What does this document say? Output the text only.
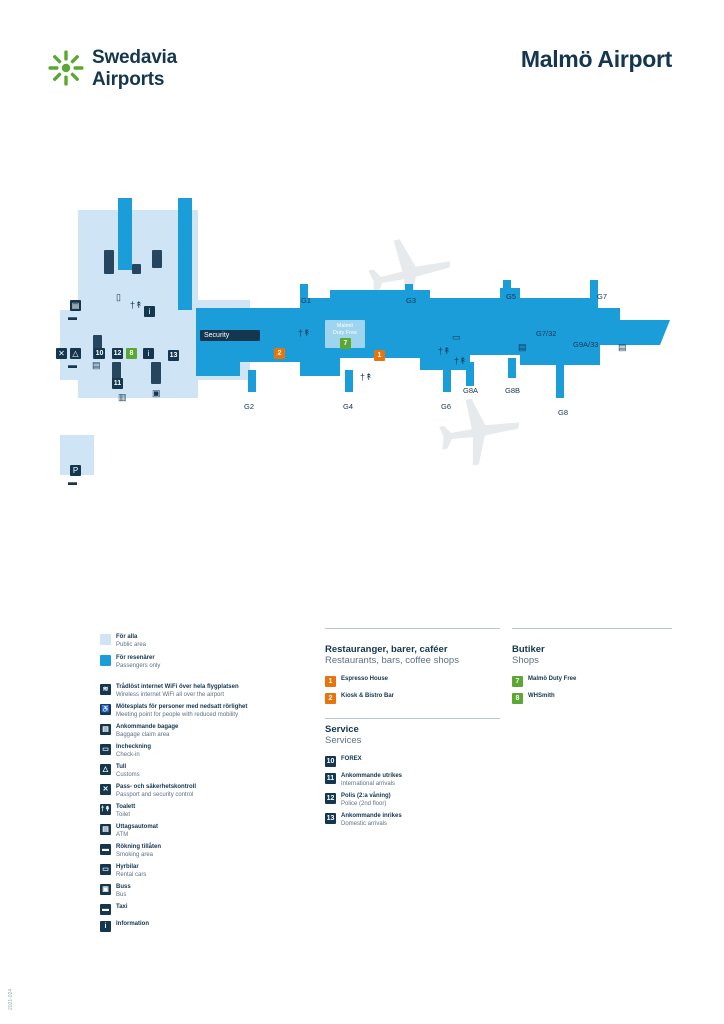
Swedavia
Airports
Malmö Airport
Security
Malmö
Duty Free
7
2	1
8
10
11
12	13
i
i
✕ △
▤
P
▬
▬
▬
▤
†↟
†↟
†↟
†↟
▤	▤
▭
▥	▣
▯
†↟	G1	G3	G5	G7
G7/32
G9A/33
G2	G4	G6
G8A	G8B
G8
För alla
Public area
För resenärer
Passengers only
≋	Trådlöst internet WiFi över hela flygplatsen
Wireless internet WiFi all over the airport
♿ Mötesplats för personer med nedsatt rörlighet
Meeting point for people with reduced mobility
▤	Ankommande bagage
Baggage claim area
▭	Incheckning
Check-in
△	Tull
Customs
✕	Pass- och säkerhetskontroll
Passport and security control
†↟ Toalett
Toilet
▤	Uttagsautomat
ATM
▬	Rökning tillåten
Smoking area
▭	Hyrbilar
Rental cars
▣	Buss
Bus
▬	Taxi
i	Information
Restauranger, barer, caféer
Restaurants, bars, coffee shops
1	Espresso House
2	Kiosk & Bistro Bar
Service
Services
10 FOREX
11 Ankommande utrikes
International arrivals
12 Polis (2:a våning)
Police (2nd floor)
13 Ankommande inrikes
Domestic arrivals
Butiker
Shops
7	Malmö Duty Free
8	WHSmith
2021-024
